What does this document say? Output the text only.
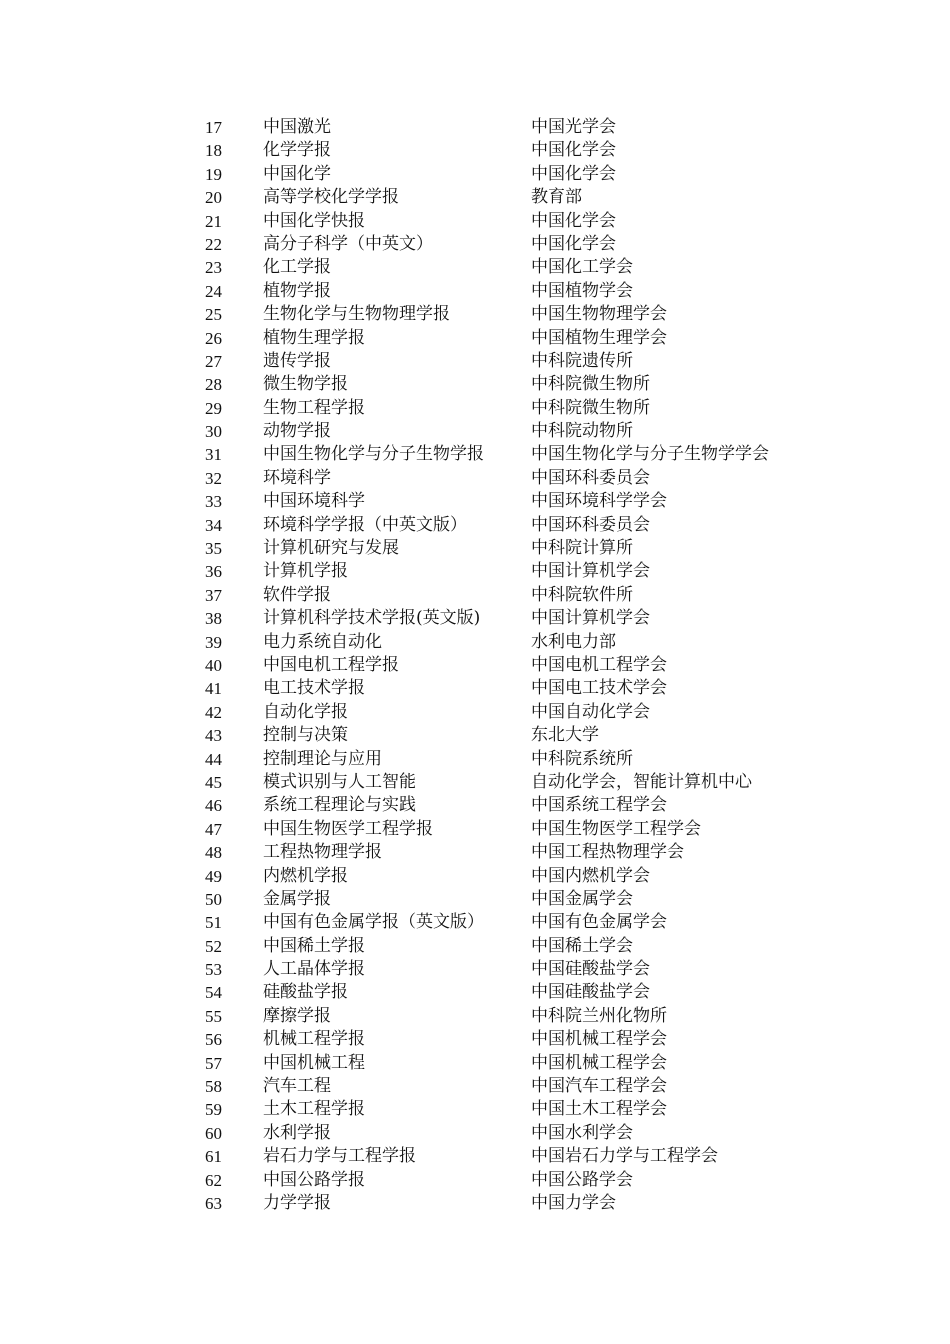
17	中国激光	中国光学会
18	化学学报	中国化学会
19	中国化学	中国化学会
20	高等学校化学学报	教育部
21	中国化学快报	中国化学会
22	高分子科学（中英文）	中国化学会
23	化工学报	中国化工学会
24	植物学报	中国植物学会
25	生物化学与生物物理学报	中国生物物理学会
26	植物生理学报	中国植物生理学会
27	遗传学报	中科院遗传所
28	微生物学报	中科院微生物所
29	生物工程学报	中科院微生物所
30	动物学报	中科院动物所
31	中国生物化学与分子生物学报	中国生物化学与分子生物学学会
32	环境科学	中国环科委员会
33	中国环境科学	中国环境科学学会
34	环境科学学报（中英文版）	中国环科委员会
35	计算机研究与发展	中科院计算所
36	计算机学报	中国计算机学会
37	软件学报	中科院软件所
38	计算机科学技术学报(英文版)	中国计算机学会
39	电力系统自动化	水利电力部
40	中国电机工程学报	中国电机工程学会
41	电工技术学报	中国电工技术学会
42	自动化学报	中国自动化学会
43	控制与决策	东北大学
44	控制理论与应用	中科院系统所
45	模式识别与人工智能	自动化学会，智能计算机中心
46	系统工程理论与实践	中国系统工程学会
47	中国生物医学工程学报	中国生物医学工程学会
48	工程热物理学报	中国工程热物理学会
49	内燃机学报	中国内燃机学会
50	金属学报	中国金属学会
51	中国有色金属学报（英文版）	中国有色金属学会
52	中国稀土学报	中国稀土学会
53	人工晶体学报	中国硅酸盐学会
54	硅酸盐学报	中国硅酸盐学会
55	摩擦学报	中科院兰州化物所
56	机械工程学报	中国机械工程学会
57	中国机械工程	中国机械工程学会
58	汽车工程	中国汽车工程学会
59	土木工程学报	中国土木工程学会
60	水利学报	中国水利学会
61	岩石力学与工程学报	中国岩石力学与工程学会
62	中国公路学报	中国公路学会
63	力学学报	中国力学会
